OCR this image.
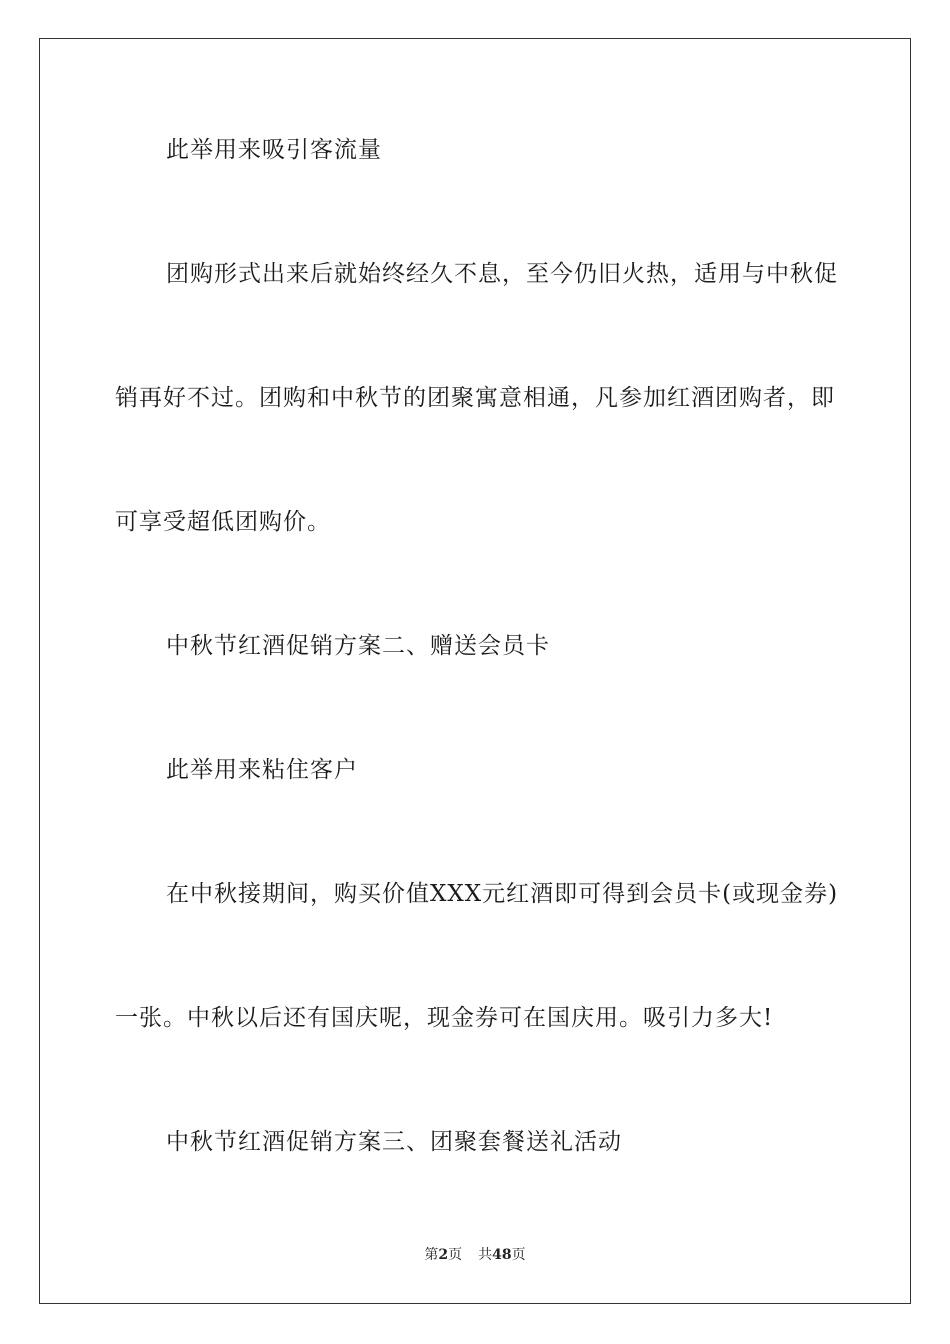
此举用来吸引客流量
团购形式出来后就始终经久不息，至今仍旧火热，适用与中秋促
销再好不过。团购和中秋节的团聚寓意相通，凡参加红酒团购者，即
可享受超低团购价。
中秋节红酒促销方案二、赠送会员卡
此举用来粘住客户
在中秋接期间，购买价值XXX元红酒即可得到会员卡(或现金券)
一张。中秋以后还有国庆呢，现金券可在国庆用。吸引力多大!
中秋节红酒促销方案三、团聚套餐送礼活动
第2页 共48页
